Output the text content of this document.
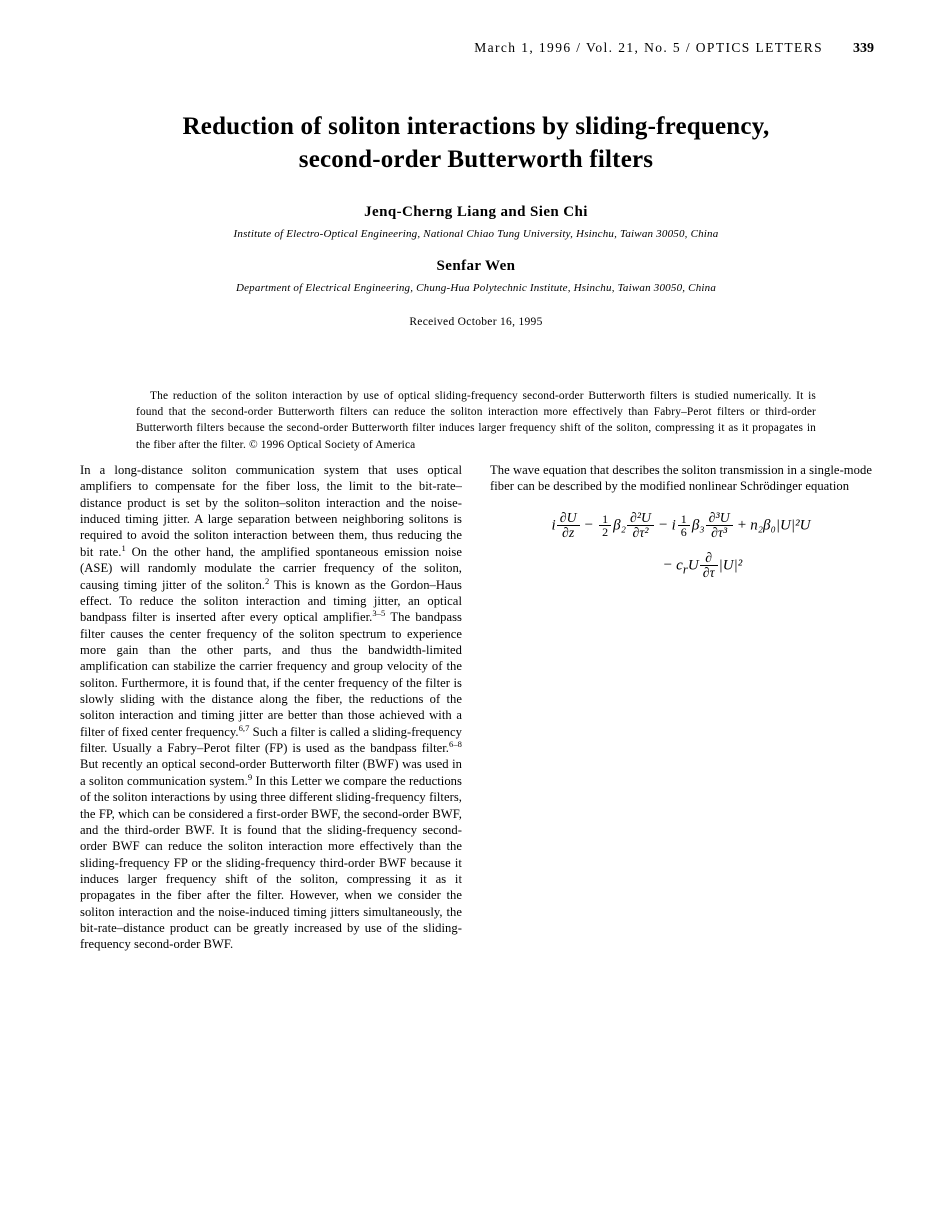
March 1, 1996 / Vol. 21, No. 5 / OPTICS LETTERS 339
Reduction of soliton interactions by sliding-frequency,
second-order Butterworth filters
Jenq-Cherng Liang and Sien Chi
Institute of Electro-Optical Engineering, National Chiao Tung University, Hsinchu, Taiwan 30050, China
Senfar Wen
Department of Electrical Engineering, Chung-Hua Polytechnic Institute, Hsinchu, Taiwan 30050, China
Received October 16, 1995
The reduction of the soliton interaction by use of optical sliding-frequency second-order Butterworth filters is studied numerically. It is found that the second-order Butterworth filters can reduce the soliton interaction more effectively than Fabry–Perot filters or third-order Butterworth filters because the second-order Butterworth filter induces larger frequency shift of the soliton, compressing it as it propagates in the fiber after the filter. © 1996 Optical Society of America

In a long-distance soliton communication system that uses optical amplifiers to compensate for the fiber loss, the limit to the bit-rate–distance product is set by the soliton–soliton interaction and the noise-induced timing jitter. A large separation between neighboring solitons is required to avoid the soliton interaction between them, thus reducing the bit rate.$^1$ On the other hand, the amplified spontaneous emission noise (ASE) will randomly modulate the carrier frequency of the soliton, causing timing jitter of the soliton.$^2$ This is known as the Gordon–Haus effect. To reduce the soliton interaction and timing jitter, an optical bandpass filter is inserted after every optical amplifier.$^{3-5}$ The bandpass filter causes the center frequency of the soliton spectrum to experience more gain than the other parts, and thus the bandwidth-limited amplification can stabilize the carrier frequency and group velocity of the soliton. Furthermore, it is found that, if the center frequency of the filter is slowly sliding with the distance along the fiber, the reductions of the soliton interaction and timing jitter are better than those achieved with a filter of fixed center frequency.$^{6,7}$ Such a filter is called a sliding-frequency filter. Usually a Fabry–Perot filter (FP) is used as the bandpass filter.$^{6-8}$ But recently an optical second-order Butterworth filter (BWF) was used in a soliton communication system.$^9$ In this Letter we compare the reductions of the soliton interactions by using three different sliding-frequency filters, the FP, which can be considered a first-order BWF, the second-order BWF, and the third-order BWF. It is found that the sliding-frequency second-order BWF can reduce the soliton interaction more effectively than the sliding-frequency FP or the sliding-frequency third-order BWF because it induces larger frequency shift of the soliton, compressing it as it propagates in the fiber after the filter. However, when we consider the soliton interaction and the noise-induced timing jitters simultaneously, the bit-rate–distance product can be greatly increased by use of the sliding-frequency second-order BWF.

The wave equation that describes the soliton transmission in a single-mode fiber can be described by the modified nonlinear Schrödinger equation

i $\frac{\partial U}{\partial z} - \frac{1}{2} \beta_2 \frac{\text{∂²U}}{\text{∂τ²}} - i \frac{1}{6} \beta_3 \frac{\text{∂³U}}{\text{∂τ³}} + n_2\beta_0|U|^2U$
− $c_rU \frac{\partial}{\partial\tau} |U|^2$
